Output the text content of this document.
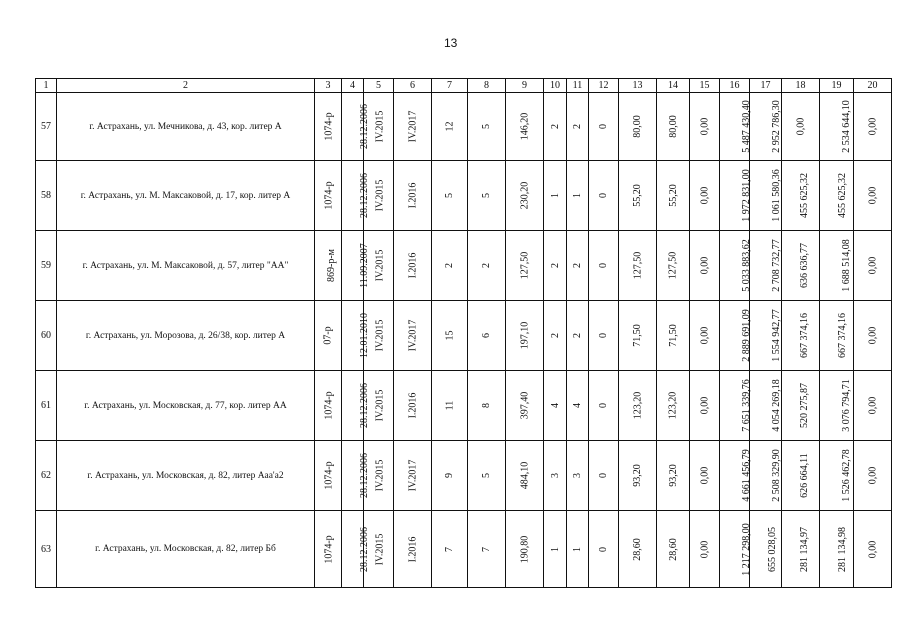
13
1	2	3	4	5	6	7	8	9	10	11	12	13	14	15	16	17	18	19	20
57	г. Астрахань, ул. Мечникова, д. 43, кор. литер А	1074-р	28.12.2006	IV.2015	IV.2017	12	5	146,20	2	2	0	80,00	80,00	0,00	5 487 430,40	2 952 786,30	0,00	2 534 644,10	0,00
58	г. Астрахань, ул. М. Максаковой, д. 17, кор. литер А	1074-р	28.12.2006	IV.2015	I.2016	5	5	230,20	1	1	0	55,20	55,20	0,00	1 972 831,00	1 061 580,36	455 625,32	455 625,32	0,00
59	г. Астрахань, ул. М. Максаковой, д. 57, литер "АА"	869-р-м	11.09.2007	IV.2015	I.2016	2	2	127,50	2	2	0	127,50	127,50	0,00	5 033 883,62	2 708 732,77	636 636,77	1 688 514,08	0,00
60	г. Астрахань, ул. Морозова, д. 26/38, кор. литер А	07-р	12.01.2010	IV.2015	IV.2017	15	6	197,10	2	2	0	71,50	71,50	0,00	2 889 691,09	1 554 942,77	667 374,16	667 374,16	0,00
61	г. Астрахань, ул. Московская, д. 77, кор. литер АА	1074-р	28.12.2006	IV.2015	I.2016	11	8	397,40	4	4	0	123,20	123,20	0,00	7 651 339,76	4 054 269,18	520 275,87	3 076 794,71	0,00
62	г. Астрахань, ул. Московская, д. 82, литер Ааа'а2	1074-р	28.12.2006	IV.2015	IV.2017	9	5	484,10	3	3	0	93,20	93,20	0,00	4 661 456,79	2 508 329,90	626 664,11	1 526 462,78	0,00
63	г. Астрахань, ул. Московская, д. 82, литер Бб	1074-р	28.12.2006	IV.2015	I.2016	7	7	190,80	1	1	0	28,60	28,60	0,00	1 217 298,00	655 028,05	281 134,97	281 134,98	0,00
